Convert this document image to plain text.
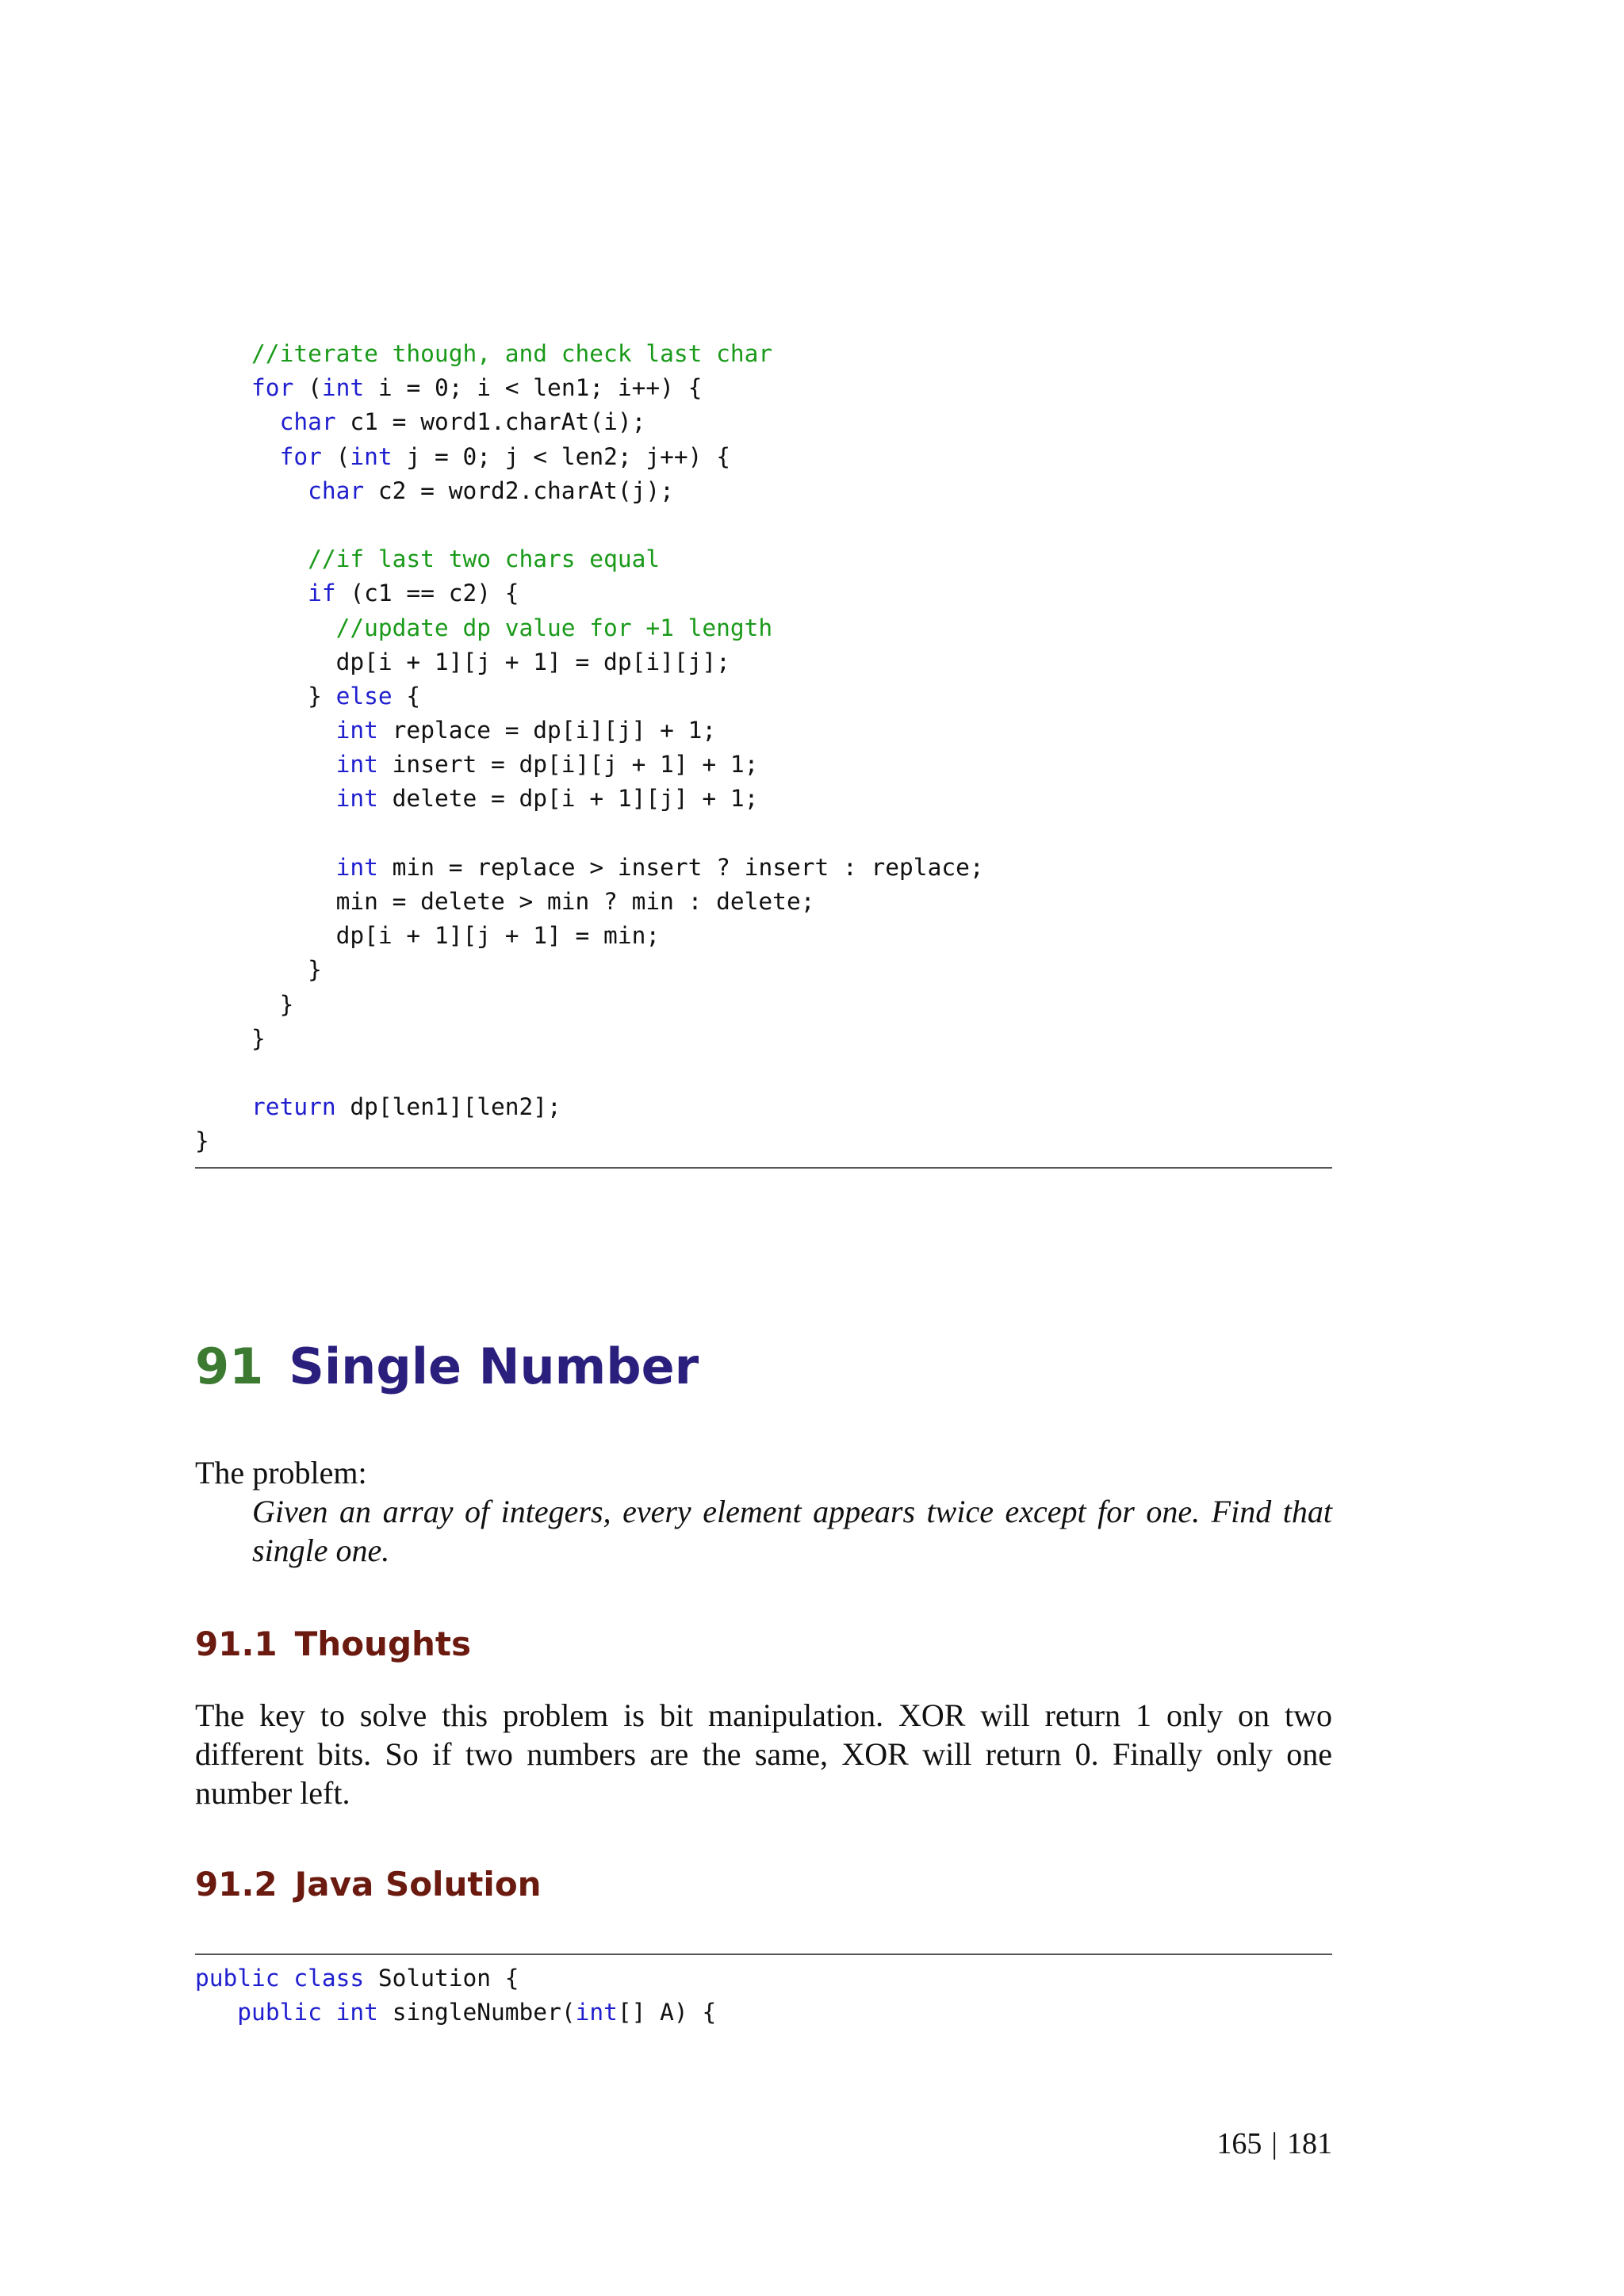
//iterate though, and check last char
for (int i = 0; i < len1; i++) {
char c1 = word1.charAt(i);
for (int j = 0; j < len2; j++) {
char c2 = word2.charAt(j);
//if last two chars equal
if (c1 == c2) {
//update dp value for +1 length
dp[i + 1][j + 1] = dp[i][j];
} else {
int replace = dp[i][j] + 1;
int insert = dp[i][j + 1] + 1;
int delete = dp[i + 1][j] + 1;
int min = replace > insert ? insert : replace;
min = delete > min ? min : delete;
dp[i + 1][j + 1] = min;
}
}
}
return dp[len1][len2];
}
91 Single Number
The problem:
Given an array of integers, every element appears twice except for one. Find that single one.
91.1 Thoughts
The key to solve this problem is bit manipulation. XOR will return 1 only on two different bits. So if two numbers are the same, XOR will return 0. Finally only one number left.
91.2 Java Solution
public class Solution {
public int singleNumber(int[] A) {
165 | 181
